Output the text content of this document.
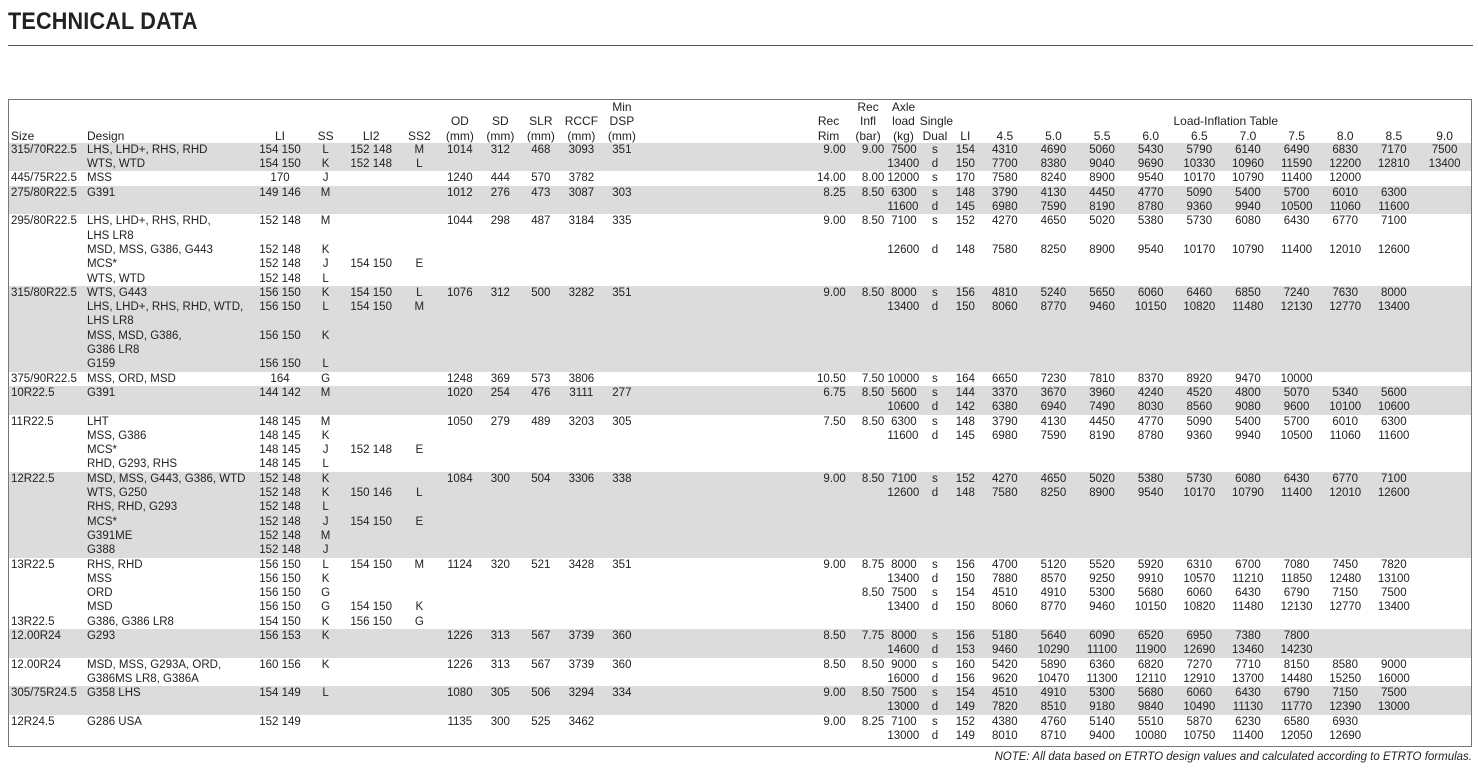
TECHNICAL DATA
										Min			Rec	Axle												
						OD	SD	SLR	RCCF	DSP		Rec	Infl	load	Single		Load-Inflation Table									
Size	Design	LI	SS	LI2	SS2	(mm)	(mm)	(mm)	(mm)	(mm)		Rim	(bar)	(kg)	Dual	LI	4.5	5.0	5.5	6.0	6.5	7.0	7.5	8.0	8.5	9.0
315/70R22.5	LHS, LHD+, RHS, RHD	154 150	L	152 148	M	1014	312	468	3093	351		9.00	9.00	7500	s	154	4310	4690	5060	5430	5790	6140	6490	6830	7170	7500
	WTS, WTD	154 150	K	152 148	L									13400	d	150	7700	8380	9040	9690	10330	10960	11590	12200	12810	13400
445/75R22.5	MSS	170	J			1240	444	570	3782			14.00	8.00	12000	s	170	7580	8240	8900	9540	10170	10790	11400	12000		
275/80R22.5	G391	149 146	M			1012	276	473	3087	303		8.25	8.50	6300	s	148	3790	4130	4450	4770	5090	5400	5700	6010	6300	
														11600	d	145	6980	7590	8190	8780	9360	9940	10500	11060	11600	
295/80R22.5	LHS, LHD+, RHS, RHD,	152 148	M			1044	298	487	3184	335		9.00	8.50	7100	s	152	4270	4650	5020	5380	5730	6080	6430	6770	7100	
	LHS LR8																									
	MSD, MSS, G386, G443	152 148	K											12600	d	148	7580	8250	8900	9540	10170	10790	11400	12010	12600	
	MCS*	152 148	J	154 150	E																					
	WTS, WTD	152 148	L																							
315/80R22.5	WTS, G443	156 150	K	154 150	L	1076	312	500	3282	351		9.00	8.50	8000	s	156	4810	5240	5650	6060	6460	6850	7240	7630	8000	
	LHS, LHD+, RHS, RHD, WTD,	156 150	L	154 150	M									13400	d	150	8060	8770	9460	10150	10820	11480	12130	12770	13400	
	LHS LR8																									
	MSS, MSD, G386,	156 150	K																							
	G386 LR8																									
	G159	156 150	L																							
375/90R22.5	MSS, ORD, MSD	164	G			1248	369	573	3806			10.50	7.50	10000	s	164	6650	7230	7810	8370	8920	9470	10000			
10R22.5	G391	144 142	M			1020	254	476	3111	277		6.75	8.50	5600	s	144	3370	3670	3960	4240	4520	4800	5070	5340	5600	
														10600	d	142	6380	6940	7490	8030	8560	9080	9600	10100	10600	
11R22.5	LHT	148 145	M			1050	279	489	3203	305		7.50	8.50	6300	s	148	3790	4130	4450	4770	5090	5400	5700	6010	6300	
	MSS, G386	148 145	K											11600	d	145	6980	7590	8190	8780	9360	9940	10500	11060	11600	
	MCS*	148 145	J	152 148	E																					
	RHD, G293, RHS	148 145	L																							
12R22.5	MSD, MSS, G443, G386, WTD	152 148	K			1084	300	504	3306	338		9.00	8.50	7100	s	152	4270	4650	5020	5380	5730	6080	6430	6770	7100	
	WTS, G250	152 148	K	150 146	L									12600	d	148	7580	8250	8900	9540	10170	10790	11400	12010	12600	
	RHS, RHD, G293	152 148	L																							
	MCS*	152 148	J	154 150	E																					
	G391ME	152 148	M																							
	G388	152 148	J																							
13R22.5	RHS, RHD	156 150	L	154 150	M	1124	320	521	3428	351		9.00	8.75	8000	s	156	4700	5120	5520	5920	6310	6700	7080	7450	7820	
	MSS	156 150	K											13400	d	150	7880	8570	9250	9910	10570	11210	11850	12480	13100	
	ORD	156 150	G										8.50	7500	s	154	4510	4910	5300	5680	6060	6430	6790	7150	7500	
	MSD	156 150	G	154 150	K									13400	d	150	8060	8770	9460	10150	10820	11480	12130	12770	13400	
13R22.5	G386, G386 LR8	154 150	K	156 150	G																					
12.00R24	G293	156 153	K			1226	313	567	3739	360		8.50	7.75	8000	s	156	5180	5640	6090	6520	6950	7380	7800			
														14600	d	153	9460	10290	11100	11900	12690	13460	14230			
12.00R24	MSD, MSS, G293A, ORD,	160 156	K			1226	313	567	3739	360		8.50	8.50	9000	s	160	5420	5890	6360	6820	7270	7710	8150	8580	9000	
	G386MS LR8, G386A													16000	d	156	9620	10470	11300	12110	12910	13700	14480	15250	16000	
305/75R24.5	G358 LHS	154 149	L			1080	305	506	3294	334		9.00	8.50	7500	s	154	4510	4910	5300	5680	6060	6430	6790	7150	7500	
														13000	d	149	7820	8510	9180	9840	10490	11130	11770	12390	13000	
12R24.5	G286 USA	152 149				1135	300	525	3462			9.00	8.25	7100	s	152	4380	4760	5140	5510	5870	6230	6580	6930		
														13000	d	149	8010	8710	9400	10080	10750	11400	12050	12690		
NOTE: All data based on ETRTO design values and calculated according to ETRTO formulas.
